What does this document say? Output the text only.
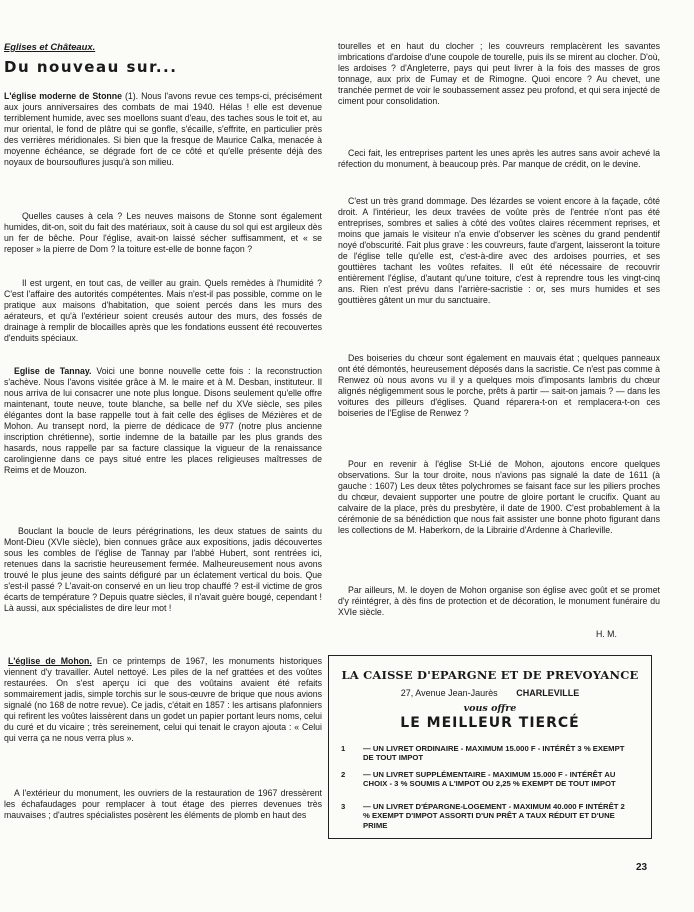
Eglises et Châteaux.
Du nouveau sur...

L'église moderne de Stonne (1). Nous l'avons revue ces temps-ci, précisément aux jours anniversaires des combats de mai 1940. Hélas ! elle est devenue terriblement humide, avec ses moellons suant d'eau, des taches sous le toit et, au mur oriental, le fond de plâtre qui se gonfle, s'écaille, s'effrite, en particulier près des verrières méridionales. Si bien que la fresque de Maurice Calka, menacée à moyenne échéance, se dégrade fort de ce côté et qu'elle présente déjà des noyaux de boursouflures jusqu'à son milieu.

Quelles causes à cela ? Les neuves maisons de Stonne sont également humides, dit-on, soit du fait des matériaux, soit à cause du sol qui est argileux dès un fer de bêche. Pour l'église, avait-on laissé sécher suffisamment, et « se reposer » la pierre de Dom ? la toiture est-elle de bonne façon ?

Il est urgent, en tout cas, de veiller au grain. Quels remèdes à l'humidité ? C'est l'affaire des autorités compétentes. Mais n'est-il pas possible, comme on le pratique aux maisons d'habitation, que soient percés dans les murs des aérateurs, et qu'à l'extérieur soient creusés autour des murs, des fossés de drainage à remplir de blocailles après que les fondations eussent été recouvertes d'enduits spéciaux.

Eglise de Tannay. Voici une bonne nouvelle cette fois : la reconstruction s'achève. Nous l'avons visitée grâce à M. le maire et à M. Desban, instituteur. Il nous arriva de lui consacrer une note plus longue. Disons seulement qu'elle offre maintenant, toute neuve, toute blanche, sa belle nef du XVe siècle, ses piles élégantes dont la base rappelle tout à fait celle des églises de Mézières et de Mohon. Au transept nord, la pierre de dédicace de 977 (notre plus ancienne inscription chrétienne), sortie indemne de la bataille par les plus grands des hasards, nous rappelle par sa facture classique la vigueur de la renaissance carolingienne dans ce pays situé entre les places religieuses maîtresses de Reims et de Mouzon.

Bouclant la boucle de leurs pérégrinations, les deux statues de saints du Mont-Dieu (XVIe siècle), bien connues grâce aux expositions, jadis découvertes sous les combles de l'église de Tannay par l'abbé Hubert, sont rentrées ici, retenues dans la sacristie heureusement fermée. Malheureusement nous avons trouvé le plus jeune des saints défiguré par un éclatement vertical du bois. Que s'est-il passé ? L'avait-on conservé en un lieu trop chauffé ? est-il victime de gros écarts de température ? Depuis quatre siècles, il n'avait guère bougé, cependant ! Là aussi, aux spécialistes de dire leur mot !

L'église de Mohon. En ce printemps de 1967, les monuments historiques viennent d'y travailler. Autel nettoyé. Les piles de la nef grattées et des voûtes restaurées. On s'est aperçu ici que des voûtains avaient été refaits sommairement jadis, simple torchis sur le sous-œuvre de brique que nous avions signalé (no 168 de notre revue). Ce jadis, c'était en 1857 : les artisans plafonniers qui refirent les voûtes laissèrent dans un godet un papier portant leurs noms, celui du curé et du vicaire ; très sereinement, celui qui tenait le crayon ajouta : « Celui qui verra ça ne nous verra plus ».

A l'extérieur du monument, les ouvriers de la restauration de 1967 dressèrent les échafaudages pour remplacer à tout étage des pierres devenues très mauvaises ; d'autres spécialistes posèrent les éléments de plomb en haut des

tourelles et en haut du clocher ; les couvreurs remplacèrent les savantes imbrications d'ardoise d'une coupole de tourelle, puis ils se mirent au clocher. D'où, les ardoises ? d'Angleterre, pays qui peut livrer à la fois des masses de gros tonnage, aux prix de Fumay et de Rimogne. Quoi encore ? Au chevet, une tranchée permet de voir le soubassement assez peu profond, et qui sera injecté de ciment pour consolidation.

Ceci fait, les entreprises partent les unes après les autres sans avoir achevé la réfection du monument, à beaucoup près. Par manque de crédit, on le devine.

C'est un très grand dommage. Des lézardes se voient encore à la façade, côté droit. A l'intérieur, les deux travées de voûte près de l'entrée n'ont pas été entreprises, sombres et salies à côté des voûtes claires récemment reprises, et moins que jamais le visiteur n'a envie d'observer les scènes du grand pendentif noyé d'obscurité. Fait plus grave : les couvreurs, faute d'argent, laisseront la toiture de l'église telle qu'elle est, c'est-à-dire avec des ardoises pourries, et ses gouttières tachant les voûtes refaites. Il eût été nécessaire de recouvrir entièrement l'église, d'autant qu'une toiture, c'est à reprendre tous les vingt-cinq ans. Rien n'est prévu dans l'arrière-sacristie : or, ses murs humides et ses gouttières gâtent un mur du sanctuaire.

Des boiseries du chœur sont également en mauvais état ; quelques panneaux ont été démontés, heureusement déposés dans la sacristie. Ce n'est pas comme à Renwez où nous avons vu il y a quelques mois d'imposants lambris du chœur alignés négligemment sous le porche, prêts à partir — sait-on jamais ? — dans les voitures des pilleurs d'églises. Quand réparera-t-on et remplacera-t-on ces boiseries de l'Eglise de Renwez ?

Pour en revenir à l'église St-Lié de Mohon, ajoutons encore quelques observations. Sur la tour droite, nous n'avions pas signalé la date de 1611 (à gauche : 1607) Les deux têtes polychromes se faisant face sur les piliers proches du chœur, devaient supporter une poutre de gloire portant le crucifix. Quant au calvaire de la place, près du presbytère, il date de 1900. C'est probablement à la cérémonie de sa bénédiction que nous fait assister une bonne photo figurant dans les collections de M. Haberkorn, de la Librairie d'Ardenne à Charleville.

Par ailleurs, M. le doyen de Mohon organise son église avec goût et se promet d'y réintégrer, à dès fins de protection et de décoration, le monument funéraire du XVIe siècle.

H. M.
LA CAISSE D'EPARGNE ET DE PREVOYANCE
27, Avenue Jean-Jaurès CHARLEVILLE
vous offre
LE MEILLEUR TIERCÉ
1	— UN LIVRET ORDINAIRE - MAXIMUM 15.000 F - INTÉRÊT 3 % EXEMPT DE TOUT IMPOT
2	— UN LIVRET SUPPLÉMENTAIRE - MAXIMUM 15.000 F - INTÉRÊT AU CHOIX - 3 % SOUMIS A L'IMPOT OU 2,25 % EXEMPT DE TOUT IMPOT
3	— UN LIVRET D'ÉPARGNE-LOGEMENT - MAXIMUM 40.000 F INTÉRÊT 2 % EXEMPT D'IMPOT ASSORTI D'UN PRÊT A TAUX RÉDUIT ET D'UNE PRIME
23
